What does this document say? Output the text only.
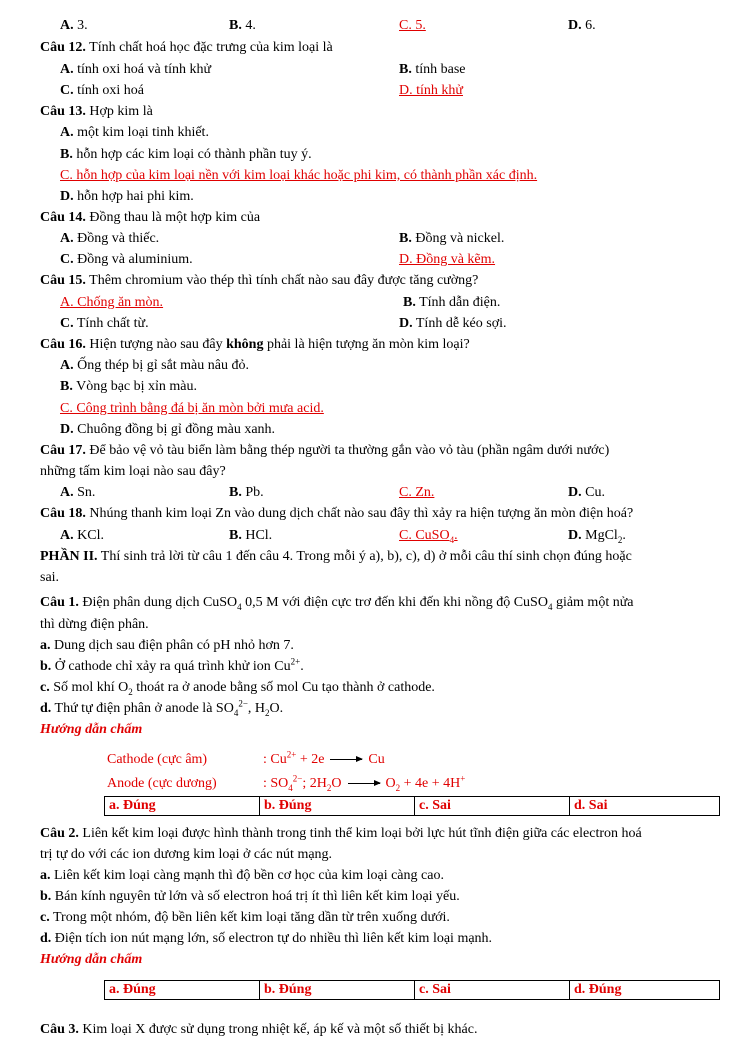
A. 3.	B. 4.	C. 5.	D. 6.
Câu 12. Tính chất hoá học đặc trưng của kim loại là
A. tính oxi hoá và tính khử	B. tính base
C. tính oxi hoá	D. tính khử
Câu 13. Hợp kim là
A. một kim loại tinh khiết.
B. hỗn hợp các kim loại có thành phần tuy ý.
C. hỗn hợp của kim loại nền với kim loại khác hoặc phi kim, có thành phần xác định.
D. hỗn hợp hai phi kim.
Câu 14. Đồng thau là một hợp kim của
A. Đồng và thiếc.	B. Đồng và nickel.
C. Đồng và aluminium.	D. Đồng và kẽm.
Câu 15. Thêm chromium vào thép thì tính chất nào sau đây được tăng cường?
A. Chống ăn mòn.	B. Tính dẫn điện.
C. Tính chất từ.	D. Tính dễ kéo sợi.
Câu 16. Hiện tượng nào sau đây không phải là hiện tượng ăn mòn kim loại?
A. Ống thép bị gỉ sắt màu nâu đỏ.
B. Vòng bạc bị xỉn màu.
C. Công trình bằng đá bị ăn mòn bởi mưa acid.
D. Chuông đồng bị gỉ đồng màu xanh.
Câu 17. Để bảo vệ vỏ tàu biển làm bằng thép người ta thường gắn vào vỏ tàu (phần ngâm dưới nước)
những tấm kim loại nào sau đây?
A. Sn.	B. Pb.	C. Zn.	D. Cu.
Câu 18. Nhúng thanh kim loại Zn vào dung dịch chất nào sau đây thì xảy ra hiện tượng ăn mòn điện hoá?
A. KCl.	B. HCl.	C. CuSO$_4$.	D. MgCl$_2$.
PHẦN II. Thí sinh trả lời từ câu 1 đến câu 4. Trong mỗi ý a), b), c), d) ở mỗi câu thí sinh chọn đúng hoặc
sai.
Câu 1. Điện phân dung dịch CuSO$_4$ 0,5 M với điện cực trơ đến khi đến khi nồng độ CuSO$_4$ giảm một nửa
thì dừng điện phân.
a. Dung dịch sau điện phân có pH nhỏ hơn 7.
b. Ở cathode chỉ xảy ra quá trình khử ion $Cu^{2+}$.
c. Số mol khí $O_2$ thoát ra ở anode bằng số mol Cu tạo thành ở cathode.
d. Thứ tự điện phân ở anode là $SO_4^{2-}$, $H_2O$.
Hướng dẫn chấm
Cathode (cực âm)	: $Cu^{2+} + 2e \to Cu$
Anode (cực dương)	: $SO_4^{2-}$; $2H_2O \to O_2 + 4e + 4H^+$
a. Đúng	b. Đúng	c. Sai	d. Sai
Câu 2. Liên kết kim loại được hình thành trong tinh thể kim loại bởi lực hút tĩnh điện giữa các electron hoá
trị tự do với các ion dương kim loại ở các nút mạng.
a. Liên kết kim loại càng mạnh thì độ bền cơ học của kim loại càng cao.
b. Bán kính nguyên tử lớn và số electron hoá trị ít thì liên kết kim loại yếu.
c. Trong một nhóm, độ bền liên kết kim loại tăng dần từ trên xuống dưới.
d. Điện tích ion nút mạng lớn, số electron tự do nhiều thì liên kết kim loại mạnh.
Hướng dẫn chấm
a. Đúng	b. Đúng	c. Sai	d. Đúng
Câu 3. Kim loại X được sử dụng trong nhiệt kế, áp kế và một số thiết bị khác.
